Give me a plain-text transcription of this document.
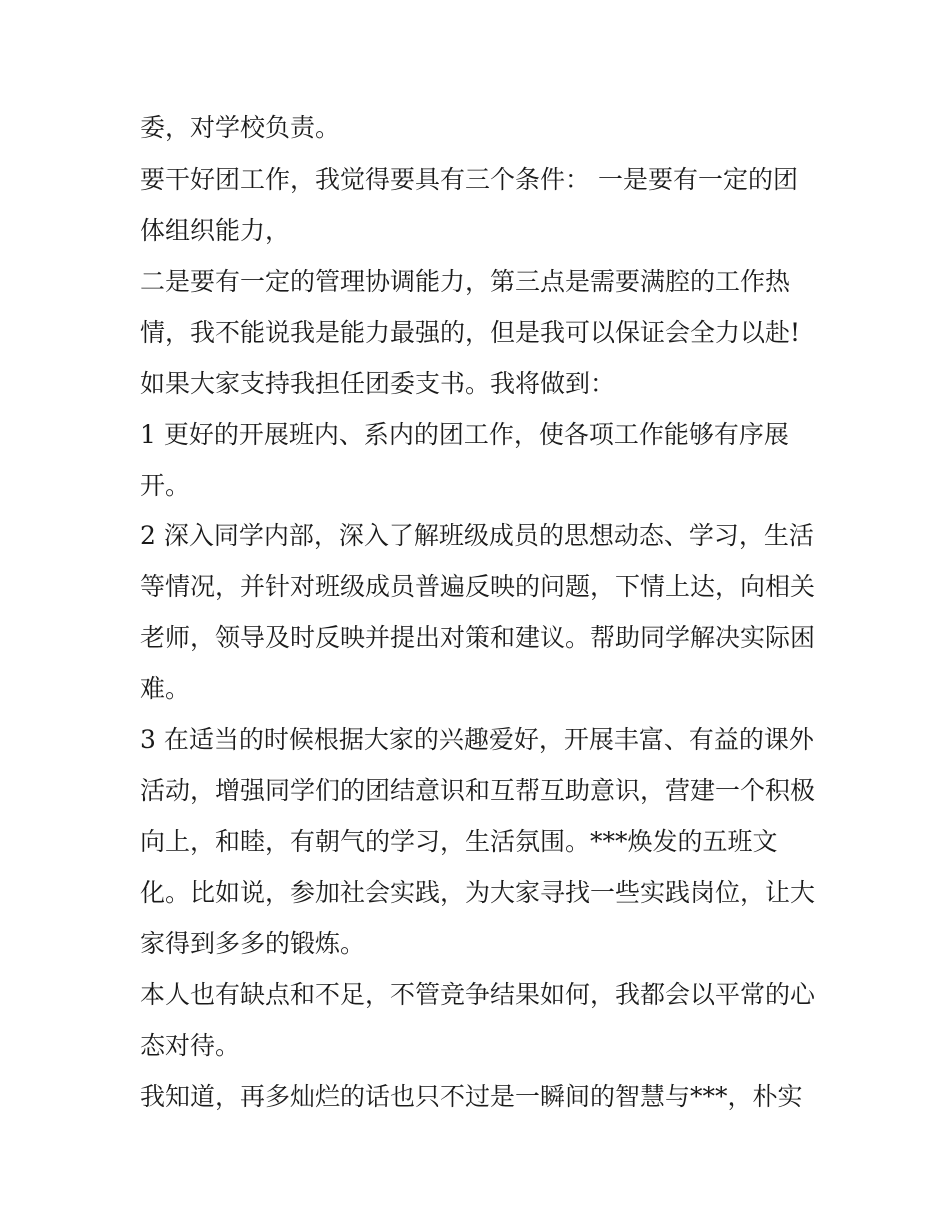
委，对学校负责。
要干好团工作，我觉得要具有三个条件： 一是要有一定的团
体组织能力，
二是要有一定的管理协调能力，第三点是需要满腔的工作热
情，我不能说我是能力最强的，但是我可以保证会全力以赴!
如果大家支持我担任团委支书。我将做到：
1 更好的开展班内、系内的团工作，使各项工作能够有序展
开。
2 深入同学内部，深入了解班级成员的思想动态、学习，生活
等情况，并针对班级成员普遍反映的问题，下情上达，向相关
老师，领导及时反映并提出对策和建议。帮助同学解决实际困
难。
3 在适当的时候根据大家的兴趣爱好，开展丰富、有益的课外
活动，增强同学们的团结意识和互帮互助意识，营建一个积极
向上，和睦，有朝气的学习，生活氛围。***焕发的五班文
化。比如说，参加社会实践，为大家寻找一些实践岗位，让大
家得到多多的锻炼。
本人也有缺点和不足，不管竞争结果如何，我都会以平常的心
态对待。
我知道，再多灿烂的话也只不过是一瞬间的智慧与***，朴实
